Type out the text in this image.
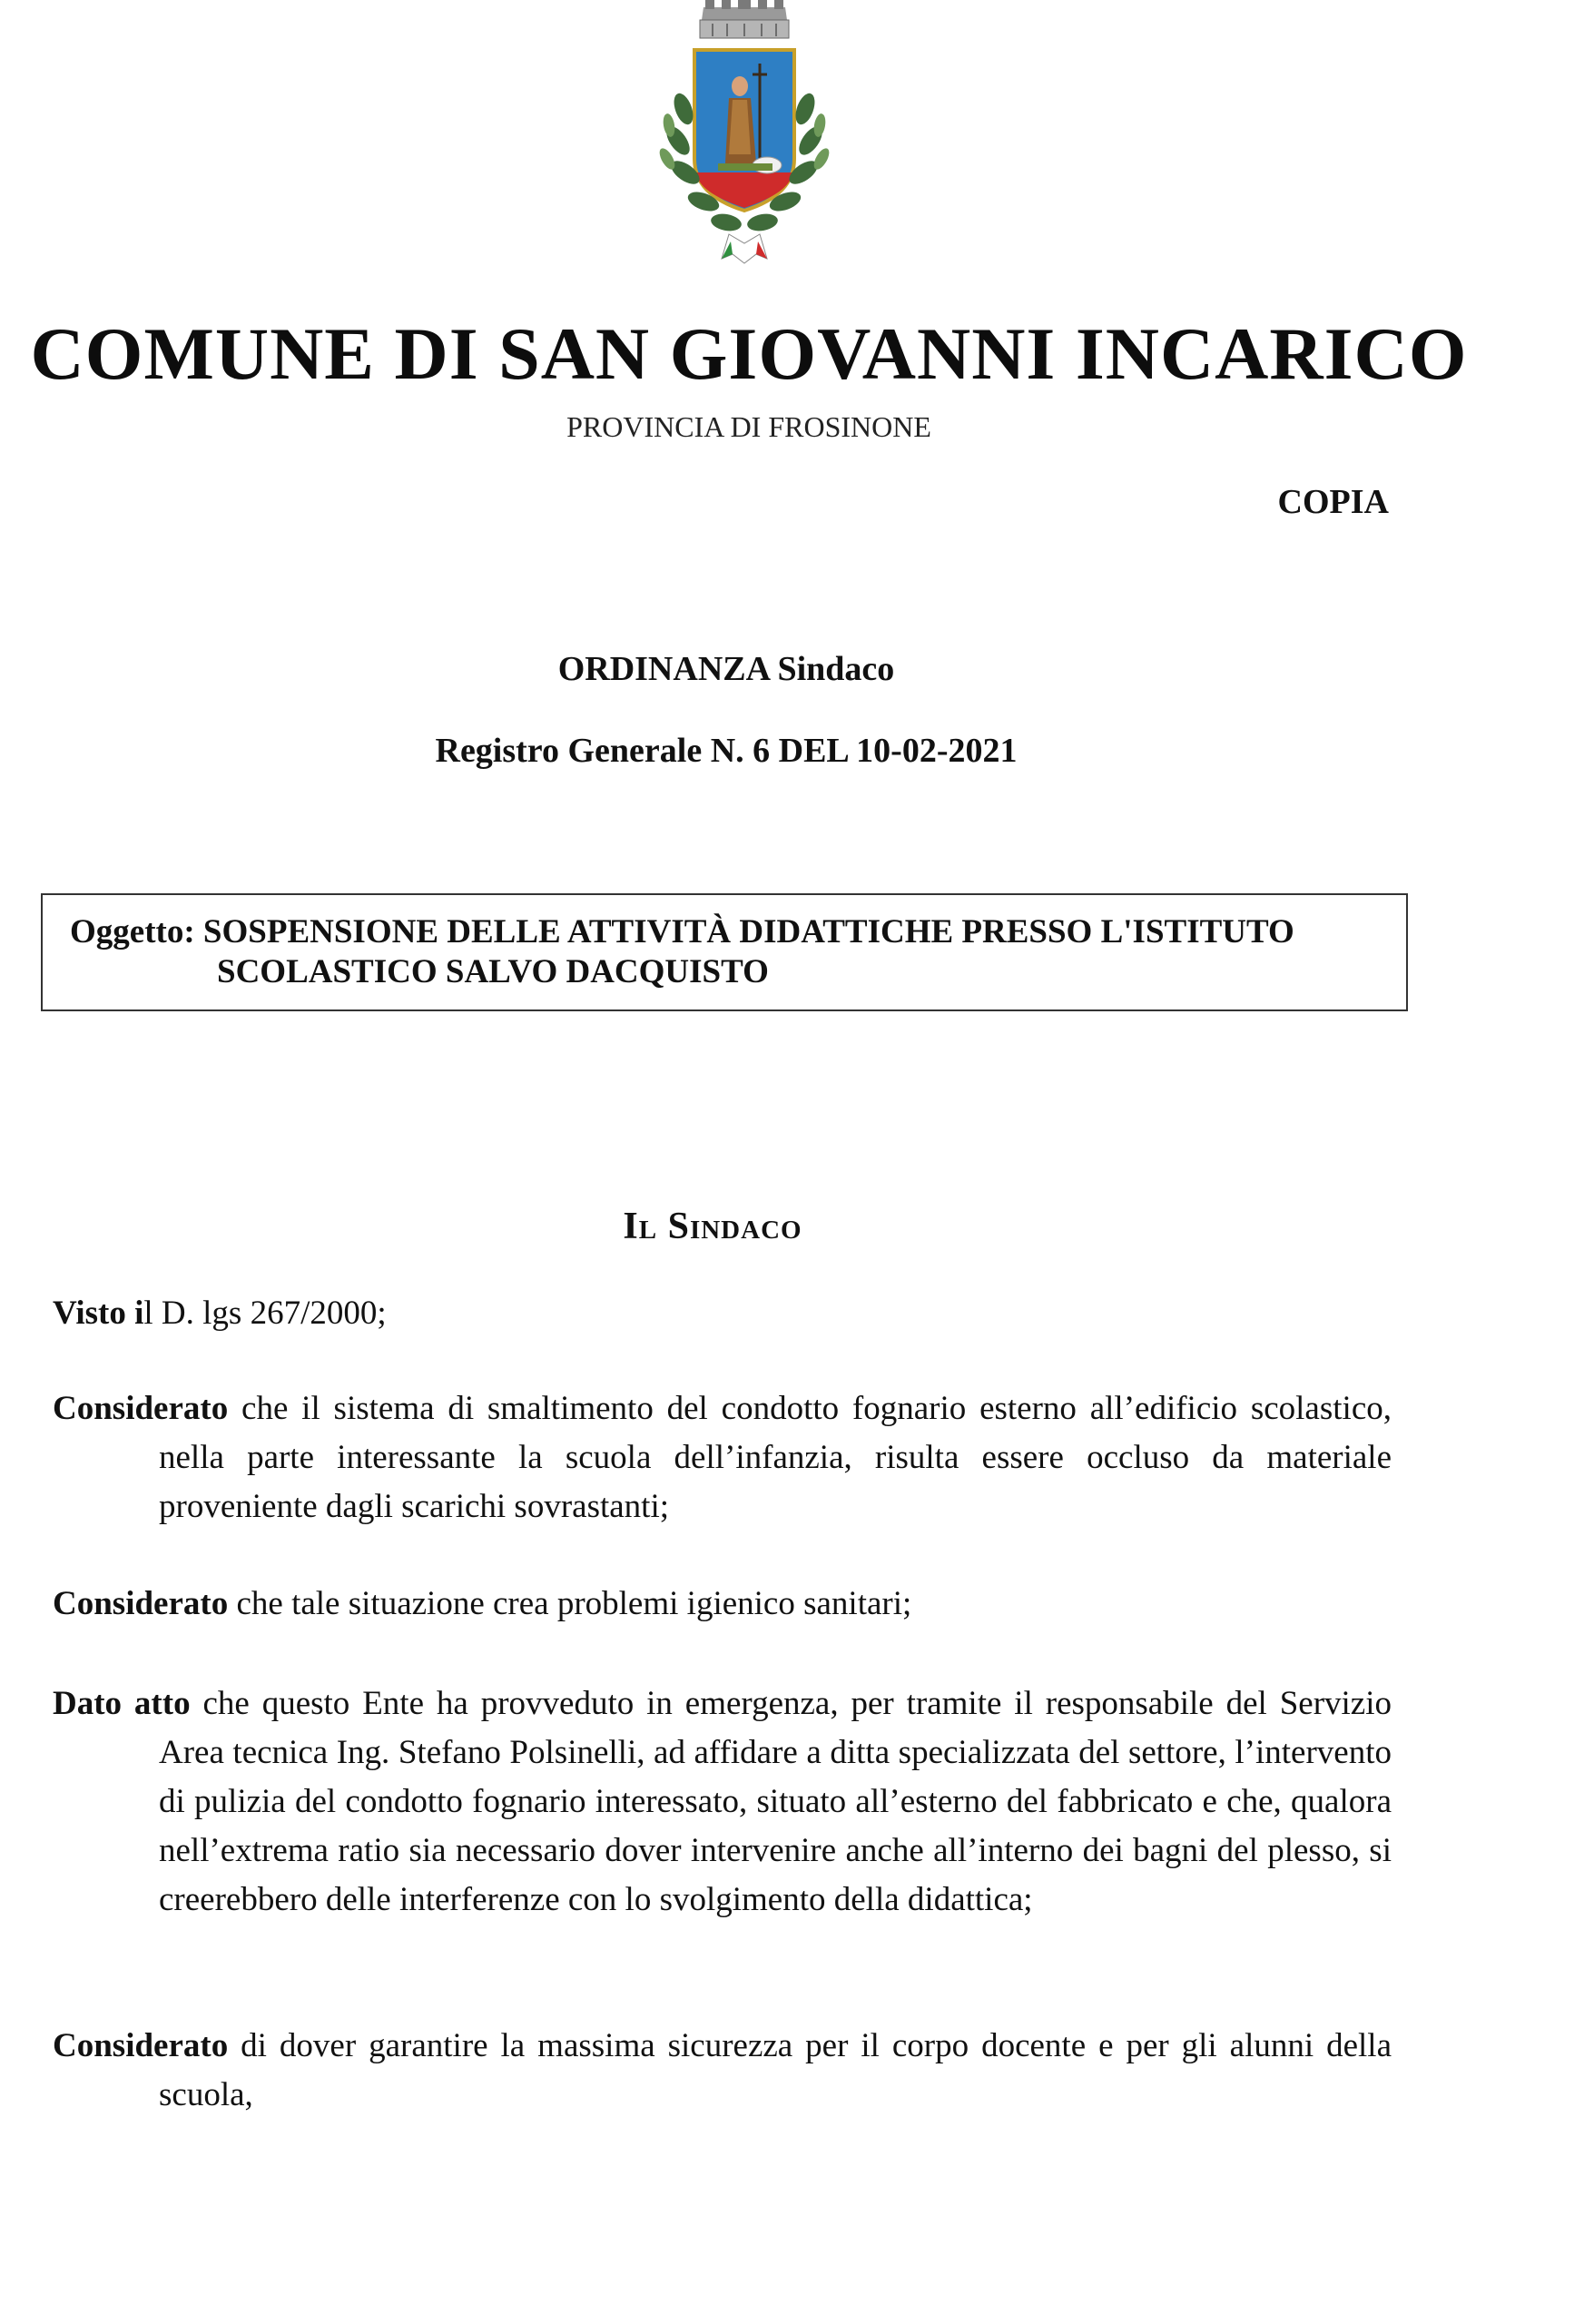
COMUNE DI SAN GIOVANNI INCARICO
PROVINCIA DI FROSINONE
COPIA
ORDINANZA Sindaco
Registro Generale N. 6 DEL 10-02-2021
Oggetto: SOSPENSIONE DELLE ATTIVITÀ DIDATTICHE PRESSO L'ISTITUTO
SCOLASTICO SALVO DACQUISTO
Il Sindaco
Visto il D. lgs 267/2000;
Considerato che il sistema di smaltimento del condotto fognario esterno all’edificio scolastico, nella parte interessante la scuola dell’infanzia, risulta essere occluso da materiale proveniente dagli scarichi sovrastanti;
Considerato che tale situazione crea problemi igienico sanitari;
Dato atto che questo Ente ha provveduto in emergenza, per tramite il responsabile del Servizio Area tecnica Ing. Stefano Polsinelli, ad affidare a ditta specializzata del settore, l’intervento di pulizia del condotto fognario interessato, situato all’esterno del fabbricato e che, qualora nell’extrema ratio sia necessario dover intervenire anche all’interno dei bagni del plesso, si creerebbero delle interferenze con lo svolgimento della didattica;
Considerato di dover garantire la massima sicurezza per il corpo docente e per gli alunni della scuola,
